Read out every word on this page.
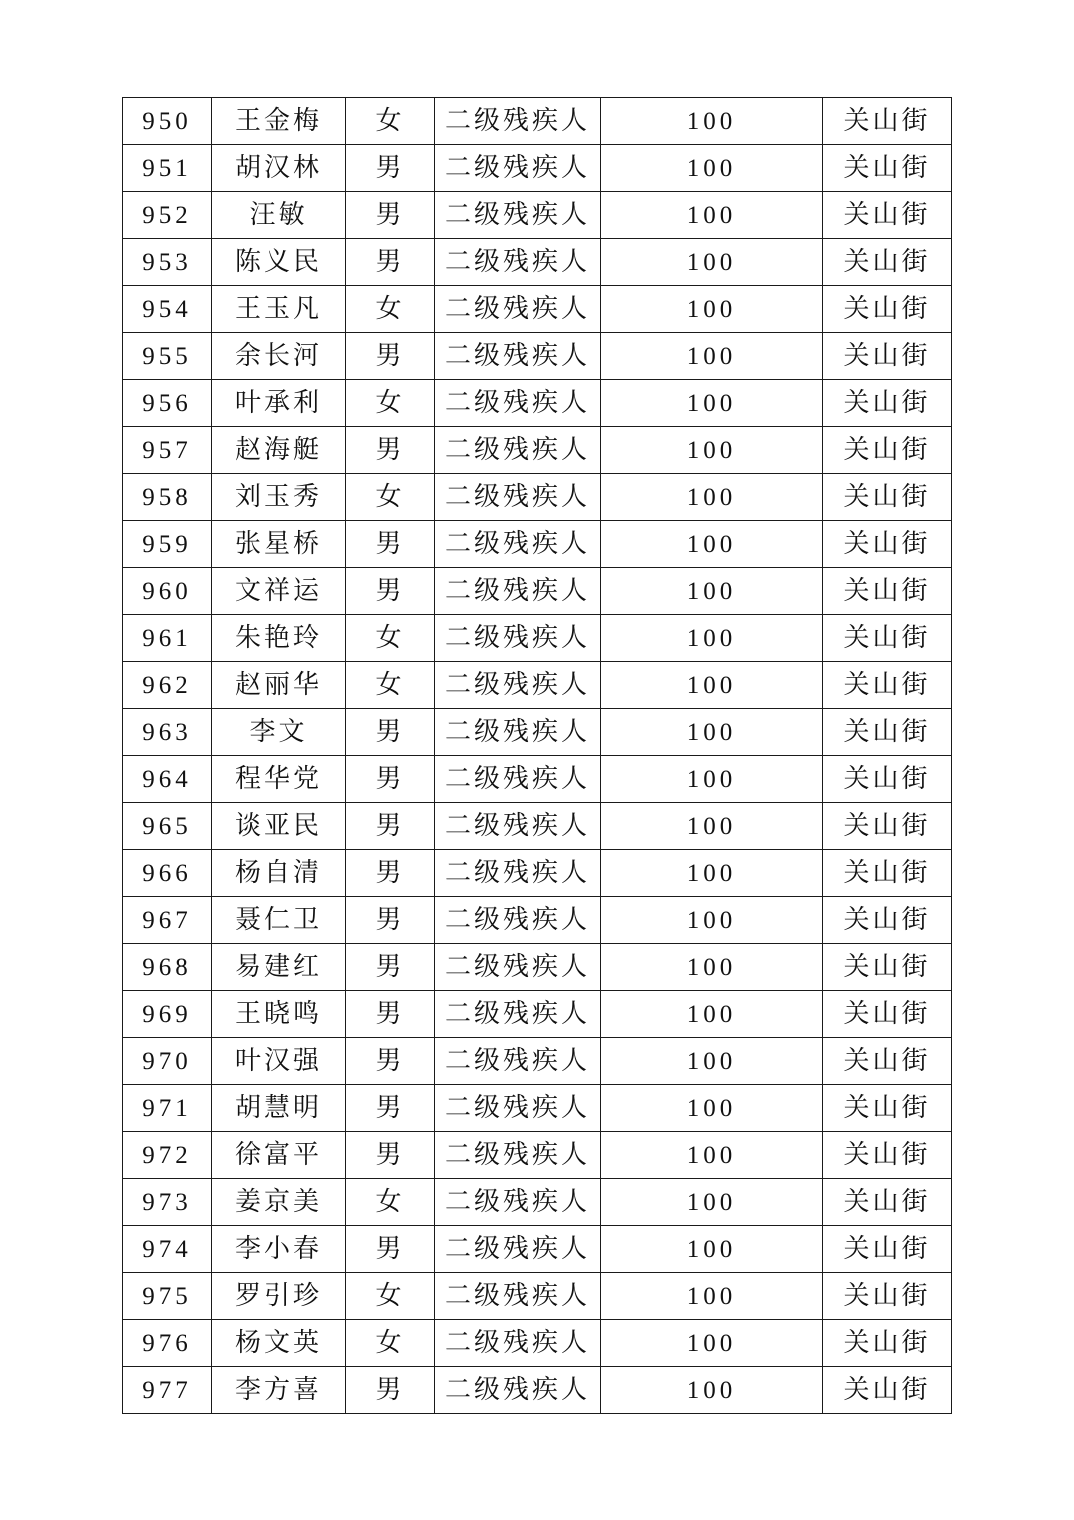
950	王金梅	女	二级残疾人	100	关山街
951	胡汉林	男	二级残疾人	100	关山街
952	汪敏	男	二级残疾人	100	关山街
953	陈义民	男	二级残疾人	100	关山街
954	王玉凡	女	二级残疾人	100	关山街
955	余长河	男	二级残疾人	100	关山街
956	叶承利	女	二级残疾人	100	关山街
957	赵海艇	男	二级残疾人	100	关山街
958	刘玉秀	女	二级残疾人	100	关山街
959	张星桥	男	二级残疾人	100	关山街
960	文祥运	男	二级残疾人	100	关山街
961	朱艳玲	女	二级残疾人	100	关山街
962	赵丽华	女	二级残疾人	100	关山街
963	李文	男	二级残疾人	100	关山街
964	程华党	男	二级残疾人	100	关山街
965	谈亚民	男	二级残疾人	100	关山街
966	杨自清	男	二级残疾人	100	关山街
967	聂仁卫	男	二级残疾人	100	关山街
968	易建红	男	二级残疾人	100	关山街
969	王晓鸣	男	二级残疾人	100	关山街
970	叶汉强	男	二级残疾人	100	关山街
971	胡慧明	男	二级残疾人	100	关山街
972	徐富平	男	二级残疾人	100	关山街
973	姜京美	女	二级残疾人	100	关山街
974	李小春	男	二级残疾人	100	关山街
975	罗引珍	女	二级残疾人	100	关山街
976	杨文英	女	二级残疾人	100	关山街
977	李方喜	男	二级残疾人	100	关山街
